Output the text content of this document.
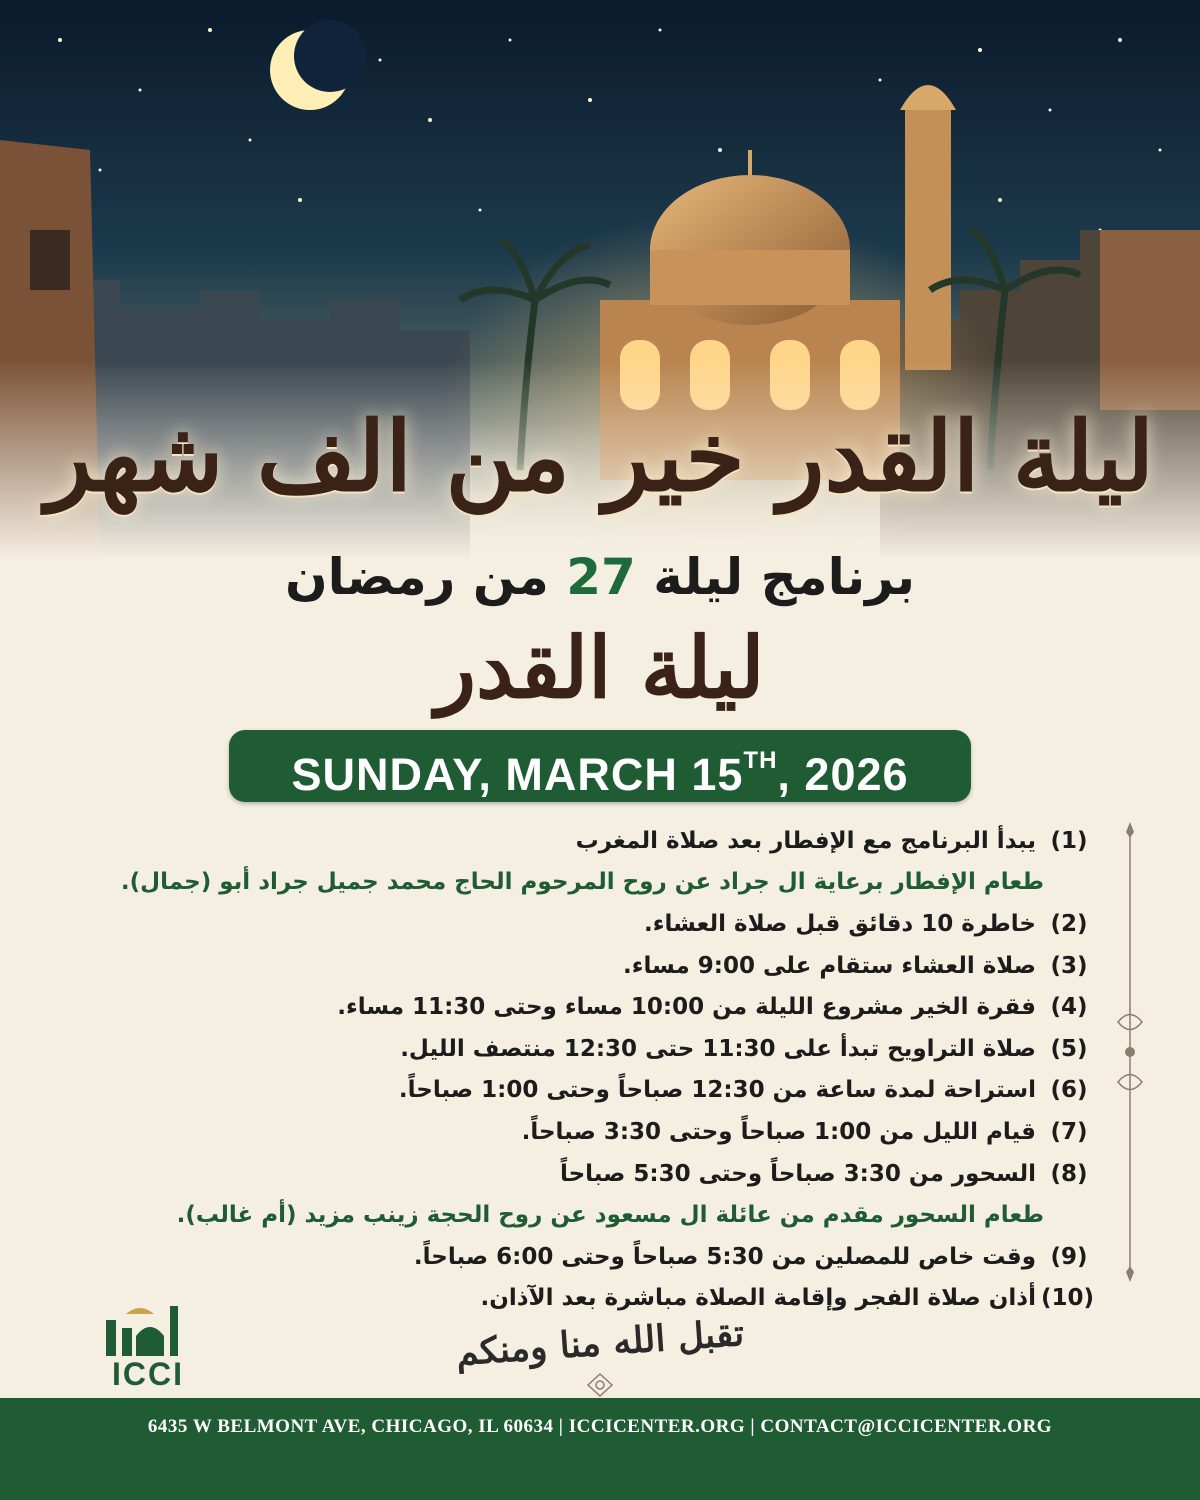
ليلة القدر خير من الف شهر
برنامج ليلة 27 من رمضان
ليلة القدر
SUNDAY, MARCH 15TH, 2026
(1)
يبدأ البرنامج مع الإفطار بعد صلاة المغرب
طعام الإفطار برعاية ال جراد عن روح المرحوم الحاج محمد جميل جراد أبو (جمال).
(2)
خاطرة 10 دقائق قبل صلاة العشاء.
(3)
صلاة العشاء ستقام على 9:00 مساء.
(4)
فقرة الخير مشروع الليلة من 10:00 مساء وحتى 11:30 مساء.
(5)
صلاة التراويح تبدأ على 11:30 حتى 12:30 منتصف الليل.
(6)
استراحة لمدة ساعة من 12:30 صباحاً وحتى 1:00 صباحاً.
(7)
قيام الليل من 1:00 صباحاً وحتى 3:30 صباحاً.
(8)
السحور من 3:30 صباحاً وحتى 5:30 صباحاً
طعام السحور مقدم من عائلة ال مسعود عن روح الحجة زينب مزيد (أم غالب).
(9)
وقت خاص للمصلين من 5:30 صباحاً وحتى 6:00 صباحاً.
(10)
أذان صلاة الفجر وإقامة الصلاة مباشرة بعد الآذان.
ICCI	تقبل الله منا ومنكم
6435 W BELMONT AVE, CHICAGO, IL 60634 | ICCICENTER.ORG | CONTACT@ICCICENTER.ORG
